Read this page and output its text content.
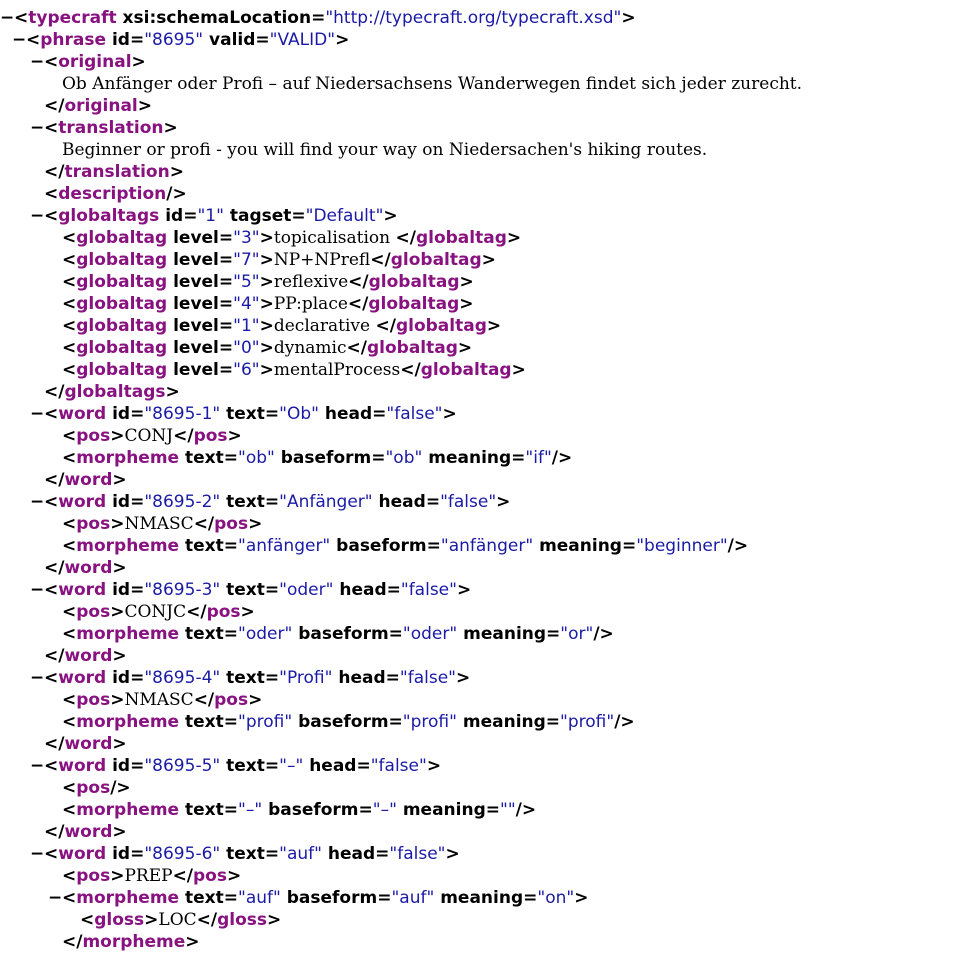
−<typecraft xsi:schemaLocation="http://typecraft.org/typecraft.xsd">
−<phrase id="8695" valid="VALID">
−<original>
Ob Anfänger oder Profi – auf Niedersachsens Wanderwegen findet sich jeder zurecht.
</original>
−<translation>
Beginner or profi - you will find your way on Niedersachen's hiking routes.
</translation>
<description/>
−<globaltags id="1" tagset="Default">
<globaltag level="3">topicalisation </globaltag>
<globaltag level="7">NP+NPrefl</globaltag>
<globaltag level="5">reflexive</globaltag>
<globaltag level="4">PP:place</globaltag>
<globaltag level="1">declarative </globaltag>
<globaltag level="0">dynamic</globaltag>
<globaltag level="6">mentalProcess</globaltag>
</globaltags>
−<word id="8695-1" text="Ob" head="false">
<pos>CONJ</pos>
<morpheme text="ob" baseform="ob" meaning="if"/>
</word>
−<word id="8695-2" text="Anfänger" head="false">
<pos>NMASC</pos>
<morpheme text="anfänger" baseform="anfänger" meaning="beginner"/>
</word>
−<word id="8695-3" text="oder" head="false">
<pos>CONJC</pos>
<morpheme text="oder" baseform="oder" meaning="or"/>
</word>
−<word id="8695-4" text="Profi" head="false">
<pos>NMASC</pos>
<morpheme text="profi" baseform="profi" meaning="profi"/>
</word>
−<word id="8695-5" text="–" head="false">
<pos/>
<morpheme text="–" baseform="–" meaning=""/>
</word>
−<word id="8695-6" text="auf" head="false">
<pos>PREP</pos>
−<morpheme text="auf" baseform="auf" meaning="on">
<gloss>LOC</gloss>
</morpheme>
